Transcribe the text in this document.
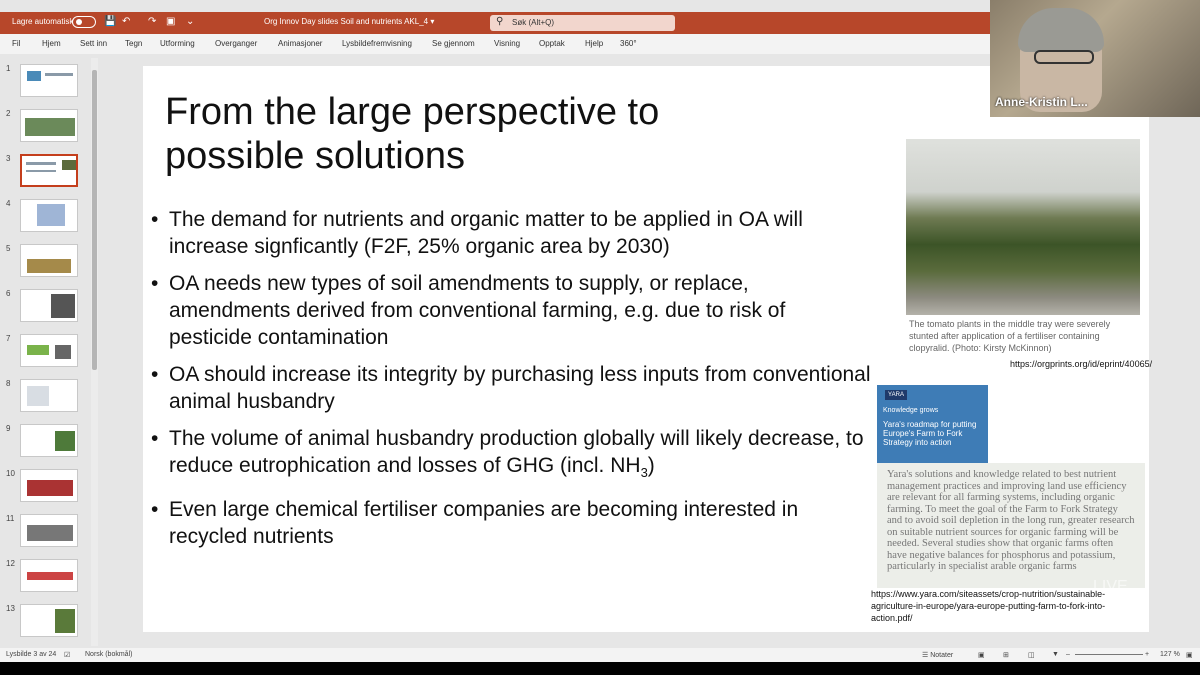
Lagre automatisk	💾 ↶ ↷ ▣ ⌄	Org Innov Day slides Soil and nutrients AKL_4 ▾	⚲ Søk (Alt+Q)
Fil	Hjem Sett inn Tegn Utforming	Overganger	Animasjoner Lysbildefremvisning	Se gjennom Visning Opptak	Hjelp 360°
1
2
3
4
5
6
7
8
9
10
11
12
13
From the large perspective to
possible solutions
• The demand for nutrients and organic matter to be applied in OA will increase signficantly (F2F, 25% organic area by 2030)
• OA needs new types of soil amendments to supply, or replace, amendments derived from conventional farming, e.g. due to risk of pesticide contamination
• OA should increase its integrity by purchasing less inputs from conventional animal husbandry
• The volume of animal husbandry production globally will likely decrease, to reduce eutrophication and losses of GHG (incl. $NH_3$)
• Even large chemical fertiliser companies are becoming interested in recycled nutrients
The tomato plants in the middle tray were severely stunted after application of a fertiliser containing clopyralid. (Photo: Kirsty McKinnon)
https://orgprints.org/id/eprint/40065/
YARA
Knowledge grows
Yara's roadmap for putting Europe's Farm to Fork Strategy into action
Yara's solutions and knowledge related to best nutrient management practices and improving land use efficiency are relevant for all farming systems, including organic farming. To meet the goal of the Farm to Fork Strategy and to avoid soil depletion in the long run, greater research on suitable nutrient sources for organic farming will be needed. Several studies show that organic farms often have negative balances for phosphorus and potassium, particularly in specialist arable organic farms
https://www.yara.com/siteassets/crop-nutrition/sustainable-agriculture-in-europe/yara-europe-putting-farm-to-fork-into-action.pdf/
Lysbilde 3 av 24 ☑ Norsk (bokmål)	☰ Notater	▣	⊞	◫ ▼ –	+ 127 % ▣
Anne-Kristin L...
LIVE
Powered by Zoom
